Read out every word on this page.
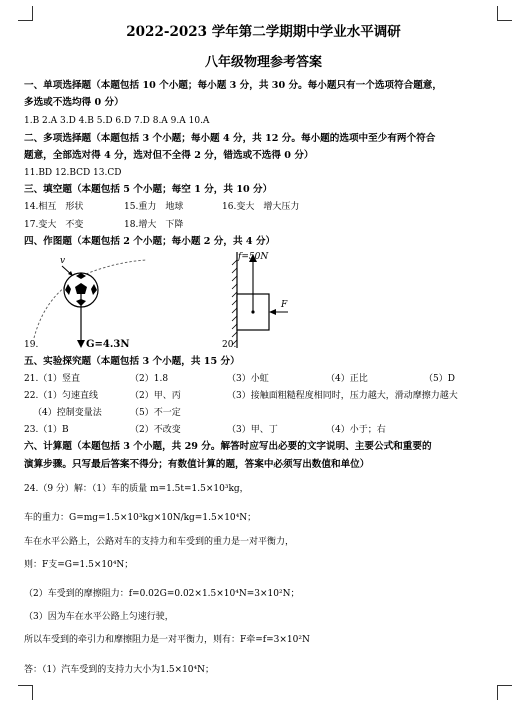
2022-2023 学年第二学期期中学业水平调研
八年级物理参考答案
一、单项选择题（本题包括 10 个小题；每小题 3 分，共 30 分。每小题只有一个选项符合题意，
多选或不选均得 0 分）
1.B 2.A 3.D 4.B 5.D 6.D 7.D 8.A 9.A 10.A
二、多项选择题（本题包括 3 个小题；每小题 4 分，共 12 分。每小题的选项中至少有两个符合
题意，全部选对得 4 分，选对但不全得 2 分，错选或不选得 0 分）
11.BD 12.BCD 13.CD
三、填空题（本题包括 5 个小题；每空 1 分，共 10 分）
14.相互　形状	15.重力　地球	16.变大　增大压力
17.变大　不变	18.增大　下降
四、作图题（本题包括 2 个小题；每小题 2 分，共 4 分）
v
G=4.3N
19.
f=50N
F
20.
五、实验探究题（本题包括 3 个小题，共 15 分）
21.（1）竖直	（2）1.8	（3）小虹	（4）正比	（5）D
22.（1）匀速直线	（2）甲、丙	（3）接触面粗糙程度相同时，压力越大，滑动摩擦力越大
（4）控制变量法	（5）不一定
23.（1）B	（2）不改变	（3）甲、丁	（4）小于；右
六、计算题（本题包括 3 个小题，共 29 分。解答时应写出必要的文字说明、主要公式和重要的
演算步骤。只写最后答案不得分；有数值计算的题，答案中必须写出数值和单位）
24.（9 分）解：（1）车的质量 m=1.5t=1.5×10³kg，
车的重力：G=mg=1.5×10³kg×10N/kg=1.5×10⁴N；
车在水平公路上，公路对车的支持力和车受到的重力是一对平衡力，
则：F支=G=1.5×10⁴N；
（2）车受到的摩擦阻力：f=0.02G=0.02×1.5×10⁴N=3×10²N；
（3）因为车在水平公路上匀速行驶，
所以车受到的牵引力和摩擦阻力是一对平衡力，则有：F牵=f=3×10²N
答：（1）汽车受到的支持力大小为1.5×10⁴N；
